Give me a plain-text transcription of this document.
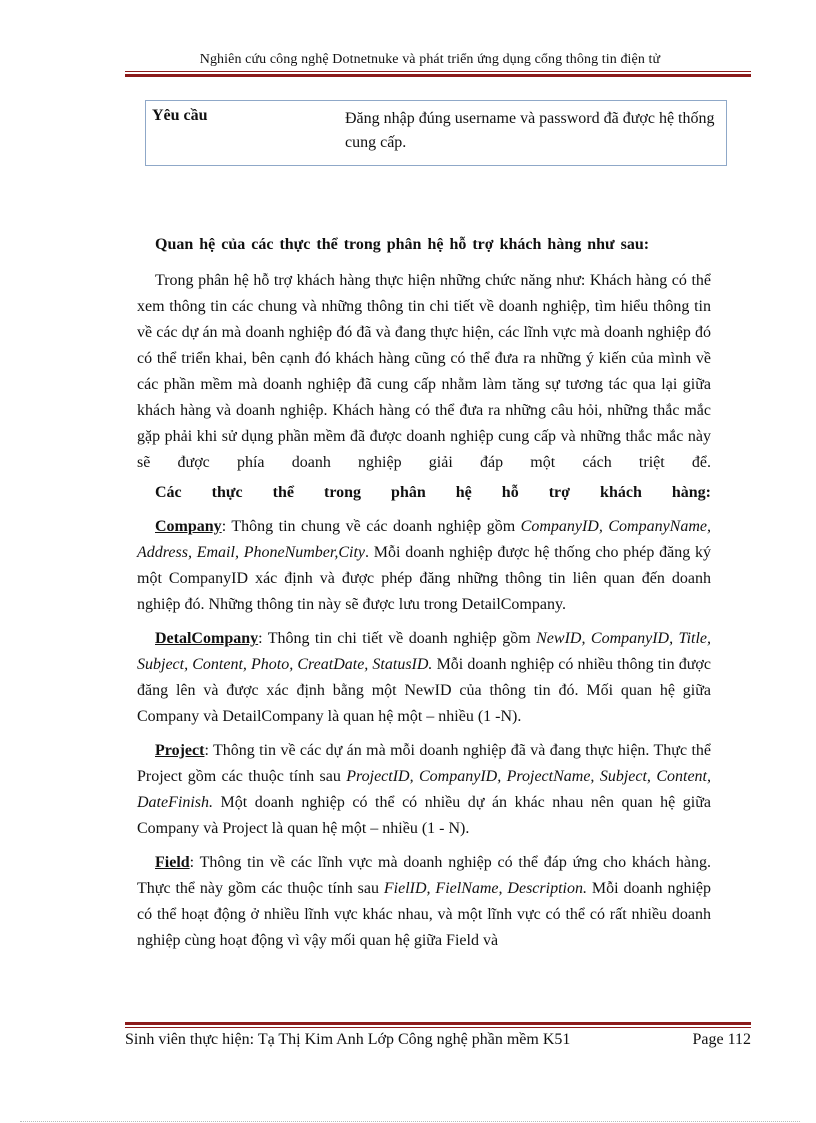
Nghiên cứu công nghệ Dotnetnuke và phát triển ứng dụng cổng thông tin điện tử
Yêu cầu	Đăng nhập đúng username và password đã được hệ thống cung cấp.

Quan hệ của các thực thể trong phân hệ hỗ trợ khách hàng như sau:

Trong phân hệ hỗ trợ khách hàng thực hiện những chức năng như: Khách hàng có thể xem thông tin các chung và những thông tin chi tiết về doanh nghiệp, tìm hiểu thông tin về các dự án mà doanh nghiệp đó đã và đang thực hiện, các lĩnh vực mà doanh nghiệp đó có thể triển khai, bên cạnh đó khách hàng cũng có thể đưa ra những ý kiến của mình về các phần mềm mà doanh nghiệp đã cung cấp nhằm làm tăng sự tương tác qua lại giữa khách hàng và doanh nghiệp. Khách hàng có thể đưa ra những câu hỏi, những thắc mắc gặp phải khi sử dụng phần mềm đã được doanh nghiệp cung cấp và những thắc mắc này sẽ được phía doanh nghiệp giải đáp một cách triệt để.

Các thực thể trong phân hệ hỗ trợ khách hàng:

Company: Thông tin chung về các doanh nghiệp gồm CompanyID, CompanyName, Address, Email, PhoneNumber,City. Mỗi doanh nghiệp được hệ thống cho phép đăng ký một CompanyID xác định và được phép đăng những thông tin liên quan đến doanh nghiệp đó. Những thông tin này sẽ được lưu trong DetailCompany.

DetalCompany: Thông tin chi tiết về doanh nghiệp gồm NewID, CompanyID, Title, Subject, Content, Photo, CreatDate, StatusID. Mỗi doanh nghiệp có nhiều thông tin được đăng lên và được xác định bằng một NewID của thông tin đó. Mối quan hệ giữa Company và DetailCompany là quan hệ một – nhiều (1 -N).

Project: Thông tin về các dự án mà mỗi doanh nghiệp đã và đang thực hiện. Thực thể Project gồm các thuộc tính sau ProjectID, CompanyID, ProjectName, Subject, Content, DateFinish. Một doanh nghiệp có thể có nhiều dự án khác nhau nên quan hệ giữa Company và Project là quan hệ một – nhiều (1 - N).

Field: Thông tin về các lĩnh vực mà doanh nghiệp có thể đáp ứng cho khách hàng. Thực thể này gồm các thuộc tính sau FielID, FielName, Description. Mỗi doanh nghiệp có thể hoạt động ở nhiều lĩnh vực khác nhau, và một lĩnh vực có thể có rất nhiều doanh nghiệp cùng hoạt động vì vậy mối quan hệ giữa Field và

Sinh viên thực hiện: Tạ Thị Kim Anh Lớp Công nghệ phần mềm K51	Page 112
